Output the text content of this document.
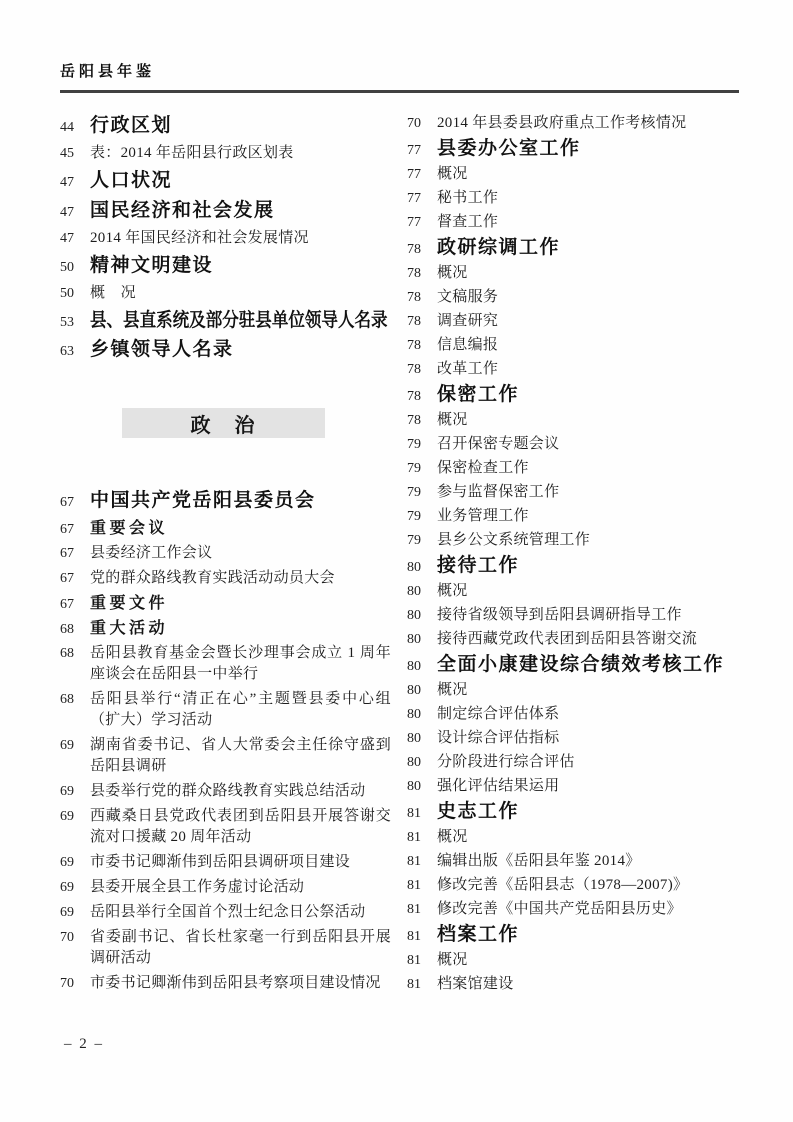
岳阳县年鉴
44 行政区划
45	表：2014 年岳阳县行政区划表
47 人口状况
47 国民经济和社会发展
47	2014 年国民经济和社会发展情况
50 精神文明建设
50	概　况
53 县、县直系统及部分驻县单位领导人名录
63 乡镇领导人名录
政　治
67 中国共产党岳阳县委员会
67	重要会议
67	县委经济工作会议
67	党的群众路线教育实践活动动员大会
67	重要文件
68	重大活动
68	岳阳县教育基金会暨长沙理事会成立 1 周年座谈会在岳阳县一中举行
68	岳阳县举行“清正在心”主题暨县委中心组（扩大）学习活动
69	湖南省委书记、省人大常委会主任徐守盛到岳阳县调研
69	县委举行党的群众路线教育实践总结活动
69	西藏桑日县党政代表团到岳阳县开展答谢交流对口援藏 20 周年活动
69	市委书记卿渐伟到岳阳县调研项目建设
69	县委开展全县工作务虚讨论活动
69	岳阳县举行全国首个烈士纪念日公祭活动
70	省委副书记、省长杜家毫一行到岳阳县开展调研活动
70	市委书记卿渐伟到岳阳县考察项目建设情况
70	2014 年县委县政府重点工作考核情况
77 县委办公室工作
77	概况
77	秘书工作
77	督查工作
78 政研综调工作
78	概况
78	文稿服务
78	调查研究
78	信息编报
78	改革工作
78 保密工作
78	概况
79	召开保密专题会议
79	保密检查工作
79	参与监督保密工作
79	业务管理工作
79	县乡公文系统管理工作
80 接待工作
80	概况
80	接待省级领导到岳阳县调研指导工作
80	接待西藏党政代表团到岳阳县答谢交流
80 全面小康建设综合绩效考核工作
80	概况
80	制定综合评估体系
80	设计综合评估指标
80	分阶段进行综合评估
80	强化评估结果运用
81 史志工作
81	概况
81	编辑出版《岳阳县年鉴 2014》
81	修改完善《岳阳县志（1978—2007)》
81	修改完善《中国共产党岳阳县历史》
81 档案工作
81	概况
81	档案馆建设
– 2 –
